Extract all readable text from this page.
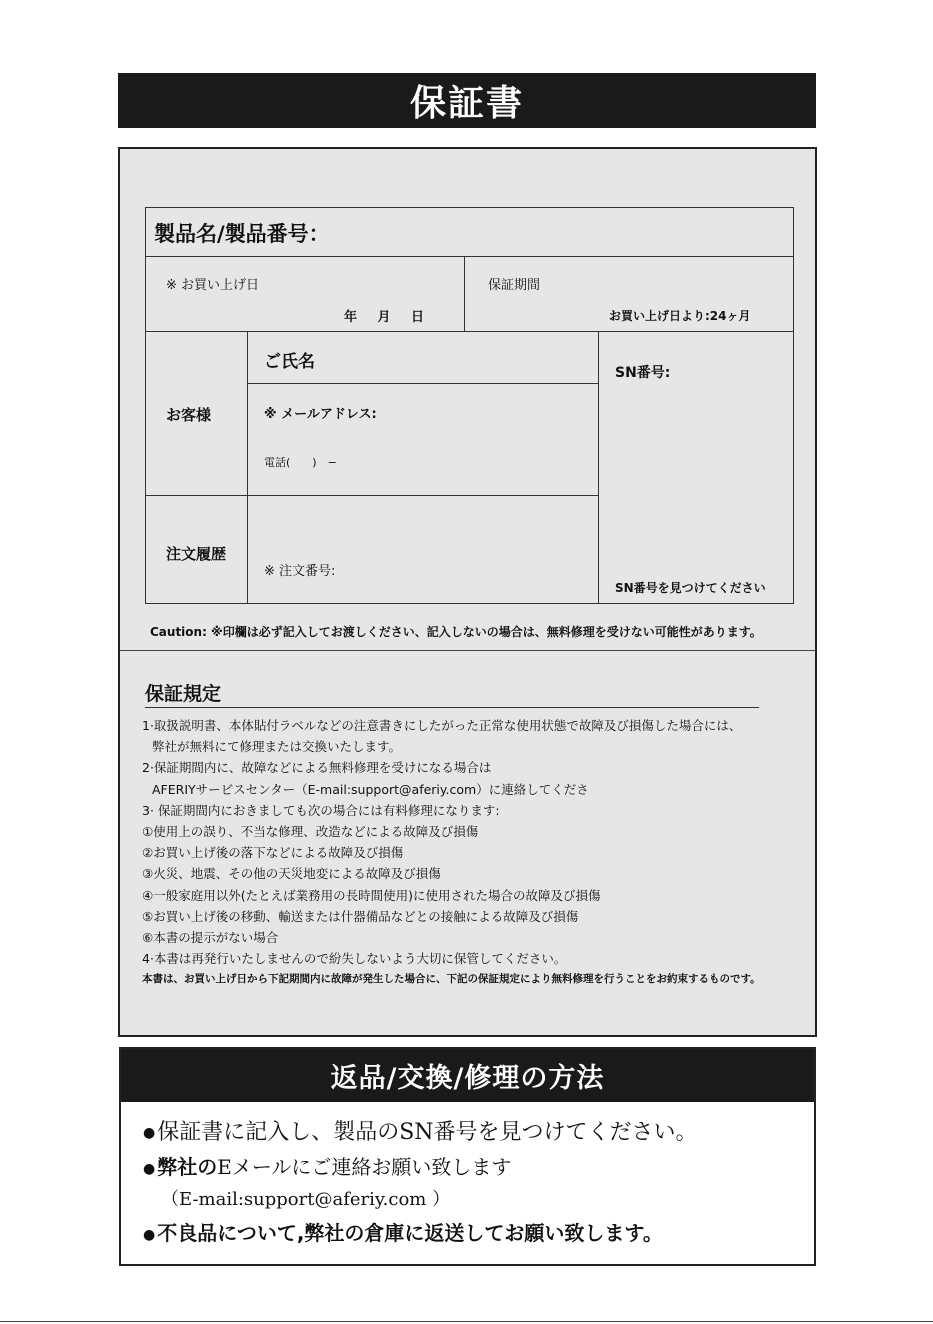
保証書
製品名/製品番号：
※ お買い上げ日
年 月 日
保証期間
お買い上げ日より:24ヶ月
お客様
ご氏名
※ メールアドレス:
電話(　　)　−
注文履歴
※ 注文番号:
SN番号:
SN番号を見つけてください
Caution: ※印欄は必ず記入してお渡しください、記入しないの場合は、無料修理を受けない可能性があります。
保証規定
1·取扱説明書、本体貼付ラベルなどの注意書きにしたがった正常な使用状態で故障及び損傷した場合には、
弊社が無料にて修理または交換いたします。
2·保証期間内に、故障などによる無料修理を受けになる場合は
AFERIYサービスセンター（E-mail:support@aferiy.com）に連絡してくださ
3· 保証期間内におきましても次の場合には有料修理になります:
①使用上の誤り、不当な修理、改造などによる故障及び損傷
②お買い上げ後の落下などによる故障及び損傷
③火災、地震、その他の天災地変による故障及び損傷
④一般家庭用以外(たとえば業務用の長時間使用)に使用された場合の故障及び損傷
⑤お買い上げ後の移動、輸送または什器備品などとの接触による故障及び損傷
⑥本書の提示がない場合
4·本書は再発行いたしませんので紛失しないよう大切に保管してください。
本書は、お買い上げ日から下記期間内に故障が発生した場合に、下記の保証規定により無料修理を行うことをお約束するものです。
返品/交換/修理の方法
●保証書に記入し、製品のSN番号を見つけてください。
● 弊社のEメールにご連絡お願い致します
（E-mail:support@aferiy.com ）
● 不良品について,弊社の倉庫に返送してお願い致します。
